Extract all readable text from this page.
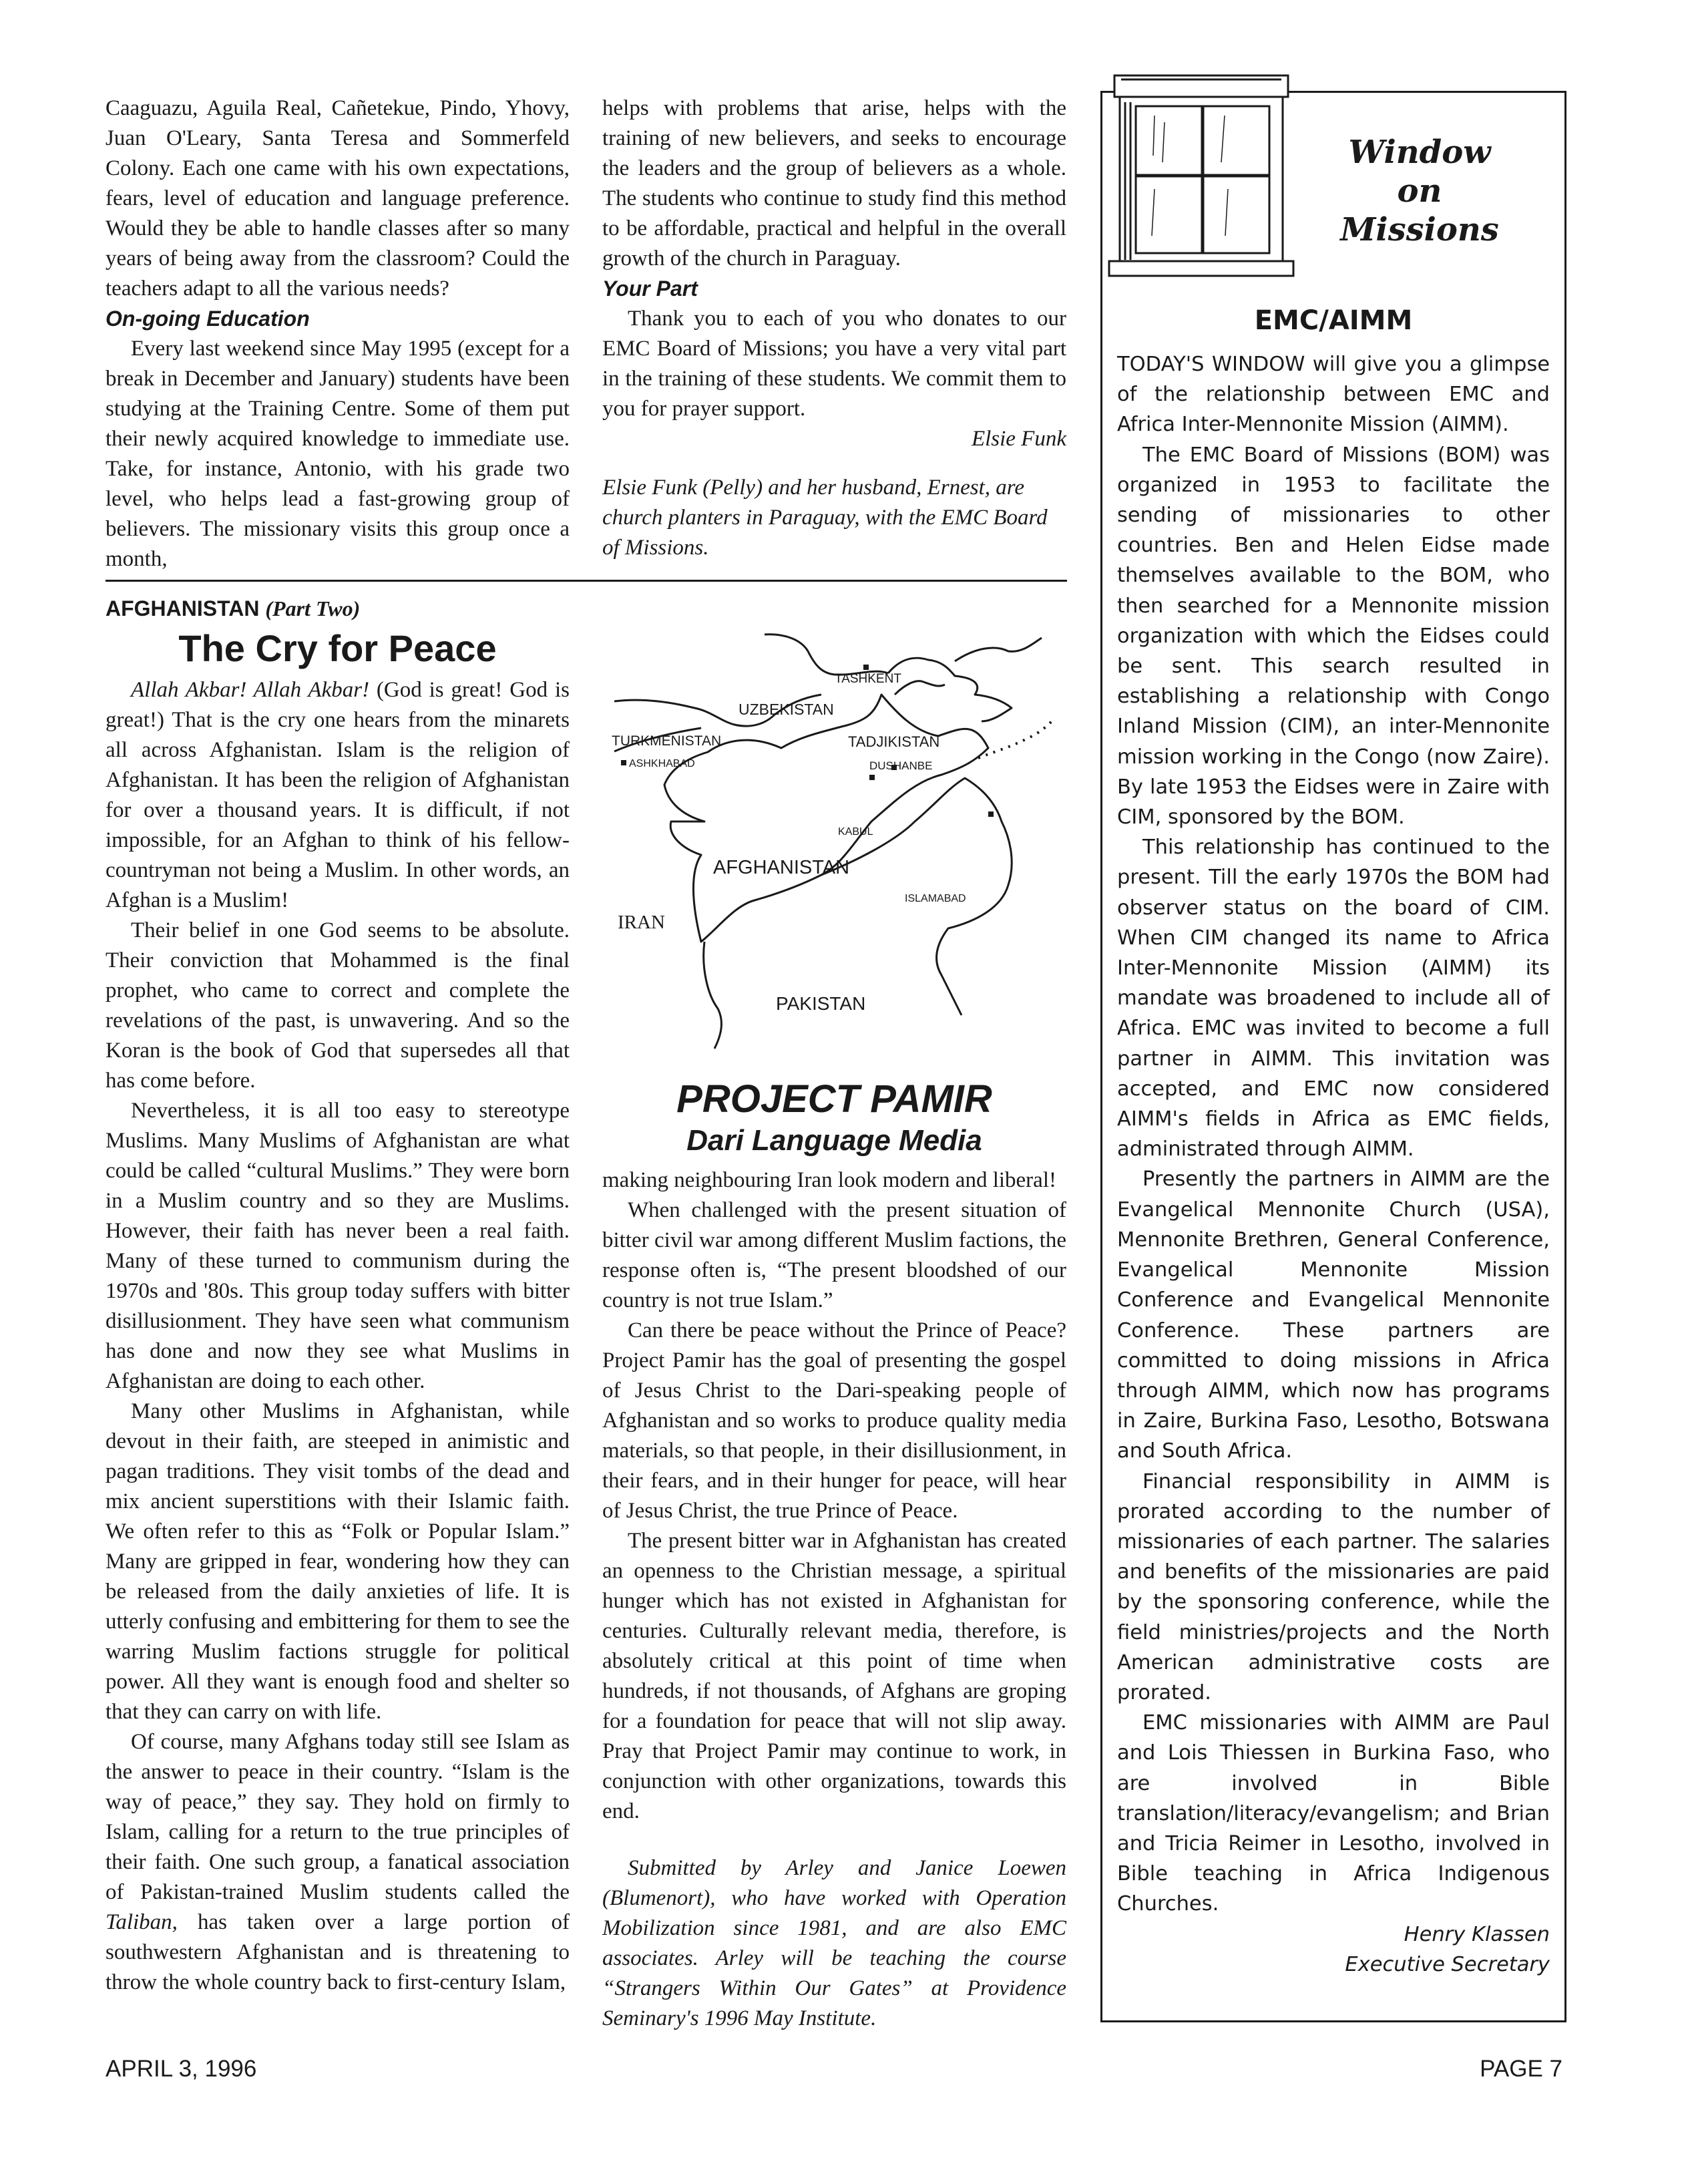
Caaguazu, Aguila Real, Cañetekue, Pindo, Yhovy, Juan O'Leary, Santa Teresa and Sommerfeld Colony. Each one came with his own expectations, fears, level of education and language preference. Would they be able to handle classes after so many years of being away from the classroom? Could the teachers adapt to all the various needs?

On-going Education

Every last weekend since May 1995 (except for a break in December and January) students have been studying at the Training Centre. Some of them put their newly acquired knowledge to immediate use. Take, for instance, Antonio, with his grade two level, who helps lead a fast-growing group of believers. The missionary visits this group once a month,

helps with problems that arise, helps with the training of new believers, and seeks to encourage the leaders and the group of believers as a whole. The students who continue to study find this method to be affordable, practical and helpful in the overall growth of the church in Paraguay.

Your Part

Thank you to each of you who donates to our EMC Board of Missions; you have a very vital part in the training of these students. We commit them to you for prayer support.

Elsie Funk

Elsie Funk (Pelly) and her husband, Ernest, are church planters in Paraguay, with the EMC Board of Missions.

AFGHANISTAN (Part Two)
The Cry for Peace

Allah Akbar! Allah Akbar! (God is great! God is great!) That is the cry one hears from the minarets all across Afghanistan. Islam is the religion of Afghanistan. It has been the religion of Afghanistan for over a thousand years. It is difficult, if not impossible, for an Afghan to think of his fellow-countryman not being a Muslim. In other words, an Afghan is a Muslim!

Their belief in one God seems to be absolute. Their conviction that Mohammed is the final prophet, who came to correct and complete the revelations of the past, is unwavering. And so the Koran is the book of God that supersedes all that has come before.

Nevertheless, it is all too easy to stereotype Muslims. Many Muslims of Afghanistan are what could be called “cultural Muslims.” They were born in a Muslim country and so they are Muslims. However, their faith has never been a real faith. Many of these turned to communism during the 1970s and '80s. This group today suffers with bitter disillusionment. They have seen what communism has done and now they see what Muslims in Afghanistan are doing to each other.

Many other Muslims in Afghanistan, while devout in their faith, are steeped in animistic and pagan traditions. They visit tombs of the dead and mix ancient superstitions with their Islamic faith. We often refer to this as “Folk or Popular Islam.” Many are gripped in fear, wondering how they can be released from the daily anxieties of life. It is utterly confusing and embittering for them to see the warring Muslim factions struggle for political power. All they want is enough food and shelter so that they can carry on with life.

Of course, many Afghans today still see Islam as the answer to peace in their country. “Islam is the way of peace,” they say. They hold on firmly to Islam, calling for a return to the true principles of their faith. One such group, a fanatical association of Pakistan-trained Muslim students called the Taliban, has taken over a large portion of southwestern Afghanistan and is threatening to throw the whole country back to first-century Islam,

TASHKENT
UZBEKISTAN
TURKMENISTAN
ASHKHABAD
TADJIKISTAN
DUSHANBE
KABUL
AFGHANISTAN
ISLAMABAD
IRAN
PAKISTAN
PROJECT PAMIR
Dari Language Media

making neighbouring Iran look modern and liberal!

When challenged with the present situation of bitter civil war among different Muslim factions, the response often is, “The present bloodshed of our country is not true Islam.”

Can there be peace without the Prince of Peace? Project Pamir has the goal of presenting the gospel of Jesus Christ to the Dari-speaking people of Afghanistan and so works to produce quality media materials, so that people, in their disillusionment, in their fears, and in their hunger for peace, will hear of Jesus Christ, the true Prince of Peace.

The present bitter war in Afghanistan has created an openness to the Christian message, a spiritual hunger which has not existed in Afghanistan for centuries. Culturally relevant media, therefore, is absolutely critical at this point of time when hundreds, if not thousands, of Afghans are groping for a foundation for peace that will not slip away. Pray that Project Pamir may continue to work, in conjunction with other organizations, towards this end.

Submitted by Arley and Janice Loewen (Blumenort), who have worked with Operation Mobilization since 1981, and are also EMC associates. Arley will be teaching the course “Strangers Within Our Gates” at Providence Seminary's 1996 May Institute.

Window
on
Missions
EMC/AIMM

TODAY'S WINDOW will give you a glimpse of the relationship between EMC and Africa Inter-Mennonite Mission (AIMM).

The EMC Board of Missions (BOM) was organized in 1953 to facilitate the sending of missionaries to other countries. Ben and Helen Eidse made themselves available to the BOM, who then searched for a Mennonite mission organization with which the Eidses could be sent. This search resulted in establishing a relationship with Congo Inland Mission (CIM), an inter-Mennonite mission working in the Congo (now Zaire). By late 1953 the Eidses were in Zaire with CIM, sponsored by the BOM.

This relationship has continued to the present. Till the early 1970s the BOM had observer status on the board of CIM. When CIM changed its name to Africa Inter-Mennonite Mission (AIMM) its mandate was broadened to include all of Africa. EMC was invited to become a full partner in AIMM. This invitation was accepted, and EMC now considered AIMM's fields in Africa as EMC fields, administrated through AIMM.

Presently the partners in AIMM are the Evangelical Mennonite Church (USA), Mennonite Brethren, General Conference, Evangelical Mennonite Mission Conference and Evangelical Mennonite Conference. These partners are committed to doing missions in Africa through AIMM, which now has programs in Zaire, Burkina Faso, Lesotho, Botswana and South Africa.

Financial responsibility in AIMM is prorated according to the number of missionaries of each partner. The salaries and benefits of the missionaries are paid by the sponsoring conference, while the field ministries/projects and the North American administrative costs are prorated.

EMC missionaries with AIMM are Paul and Lois Thiessen in Burkina Faso, who are involved in Bible translation/literacy/evangelism; and Brian and Tricia Reimer in Lesotho, involved in Bible teaching in Africa Indigenous Churches.

Henry Klassen

Executive Secretary

APRIL 3, 1996	PAGE 7
